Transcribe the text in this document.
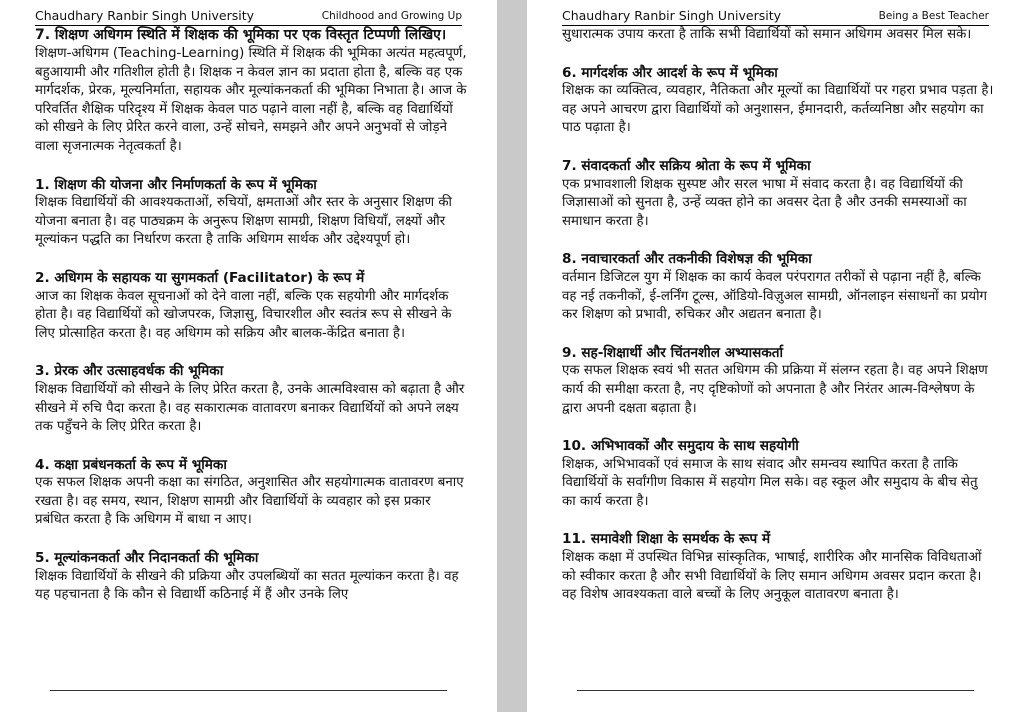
Chaudhary Ranbir Singh University	Childhood and Growing Up

7. शिक्षण अधिगम स्थिति में शिक्षक की भूमिका पर एक विस्तृत टिप्पणी लिखिए।

शिक्षण-अधिगम (Teaching-Learning) स्थिति में शिक्षक की भूमिका अत्यंत महत्वपूर्ण, बहुआयामी और गतिशील होती है। शिक्षक न केवल ज्ञान का प्रदाता होता है, बल्कि वह एक मार्गदर्शक, प्रेरक, मूल्यनिर्माता, सहायक और मूल्यांकनकर्ता की भूमिका निभाता है। आज के परिवर्तित शैक्षिक परिदृश्य में शिक्षक केवल पाठ पढ़ाने वाला नहीं है, बल्कि वह विद्यार्थियों को सीखने के लिए प्रेरित करने वाला, उन्हें सोचने, समझने और अपने अनुभवों से जोड़ने वाला सृजनात्मक नेतृत्वकर्ता है।

1. शिक्षण की योजना और निर्माणकर्ता के रूप में भूमिका

शिक्षक विद्यार्थियों की आवश्यकताओं, रुचियों, क्षमताओं और स्तर के अनुसार शिक्षण की योजना बनाता है। वह पाठ्यक्रम के अनुरूप शिक्षण सामग्री, शिक्षण विधियाँ, लक्ष्यों और मूल्यांकन पद्धति का निर्धारण करता है ताकि अधिगम सार्थक और उद्देश्यपूर्ण हो।

2. अधिगम के सहायक या सुगमकर्ता (Facilitator) के रूप में

आज का शिक्षक केवल सूचनाओं को देने वाला नहीं, बल्कि एक सहयोगी और मार्गदर्शक होता है। वह विद्यार्थियों को खोजपरक, जिज्ञासु, विचारशील और स्वतंत्र रूप से सीखने के लिए प्रोत्साहित करता है। वह अधिगम को सक्रिय और बालक-केंद्रित बनाता है।

3. प्रेरक और उत्साहवर्धक की भूमिका

शिक्षक विद्यार्थियों को सीखने के लिए प्रेरित करता है, उनके आत्मविश्वास को बढ़ाता है और सीखने में रुचि पैदा करता है। वह सकारात्मक वातावरण बनाकर विद्यार्थियों को अपने लक्ष्य तक पहुँचने के लिए प्रेरित करता है।

4. कक्षा प्रबंधनकर्ता के रूप में भूमिका

एक सफल शिक्षक अपनी कक्षा का संगठित, अनुशासित और सहयोगात्मक वातावरण बनाए रखता है। वह समय, स्थान, शिक्षण सामग्री और विद्यार्थियों के व्यवहार को इस प्रकार प्रबंधित करता है कि अधिगम में बाधा न आए।

5. मूल्यांकनकर्ता और निदानकर्ता की भूमिका

शिक्षक विद्यार्थियों के सीखने की प्रक्रिया और उपलब्धियों का सतत मूल्यांकन करता है। वह यह पहचानता है कि कौन से विद्यार्थी कठिनाई में हैं और उनके लिए

Chaudhary Ranbir Singh University	Being a Best Teacher

सुधारात्मक उपाय करता है ताकि सभी विद्यार्थियों को समान अधिगम अवसर मिल सके।

6. मार्गदर्शक और आदर्श के रूप में भूमिका

शिक्षक का व्यक्तित्व, व्यवहार, नैतिकता और मूल्यों का विद्यार्थियों पर गहरा प्रभाव पड़ता है। वह अपने आचरण द्वारा विद्यार्थियों को अनुशासन, ईमानदारी, कर्तव्यनिष्ठा और सहयोग का पाठ पढ़ाता है।

7. संवादकर्ता और सक्रिय श्रोता के रूप में भूमिका

एक प्रभावशाली शिक्षक सुस्पष्ट और सरल भाषा में संवाद करता है। वह विद्यार्थियों की जिज्ञासाओं को सुनता है, उन्हें व्यक्त होने का अवसर देता है और उनकी समस्याओं का समाधान करता है।

8. नवाचारकर्ता और तकनीकी विशेषज्ञ की भूमिका

वर्तमान डिजिटल युग में शिक्षक का कार्य केवल परंपरागत तरीकों से पढ़ाना नहीं है, बल्कि वह नई तकनीकों, ई-लर्निंग टूल्स, ऑडियो-विज़ुअल सामग्री, ऑनलाइन संसाधनों का प्रयोग कर शिक्षण को प्रभावी, रुचिकर और अद्यतन बनाता है।

9. सह-शिक्षार्थी और चिंतनशील अभ्यासकर्ता

एक सफल शिक्षक स्वयं भी सतत अधिगम की प्रक्रिया में संलग्न रहता है। वह अपने शिक्षण कार्य की समीक्षा करता है, नए दृष्टिकोणों को अपनाता है और निरंतर आत्म-विश्लेषण के द्वारा अपनी दक्षता बढ़ाता है।

10. अभिभावकों और समुदाय के साथ सहयोगी

शिक्षक, अभिभावकों एवं समाज के साथ संवाद और समन्वय स्थापित करता है ताकि विद्यार्थियों के सर्वांगीण विकास में सहयोग मिल सके। वह स्कूल और समुदाय के बीच सेतु का कार्य करता है।

11. समावेशी शिक्षा के समर्थक के रूप में

शिक्षक कक्षा में उपस्थित विभिन्न सांस्कृतिक, भाषाई, शारीरिक और मानसिक विविधताओं को स्वीकार करता है और सभी विद्यार्थियों के लिए समान अधिगम अवसर प्रदान करता है। वह विशेष आवश्यकता वाले बच्चों के लिए अनुकूल वातावरण बनाता है।
